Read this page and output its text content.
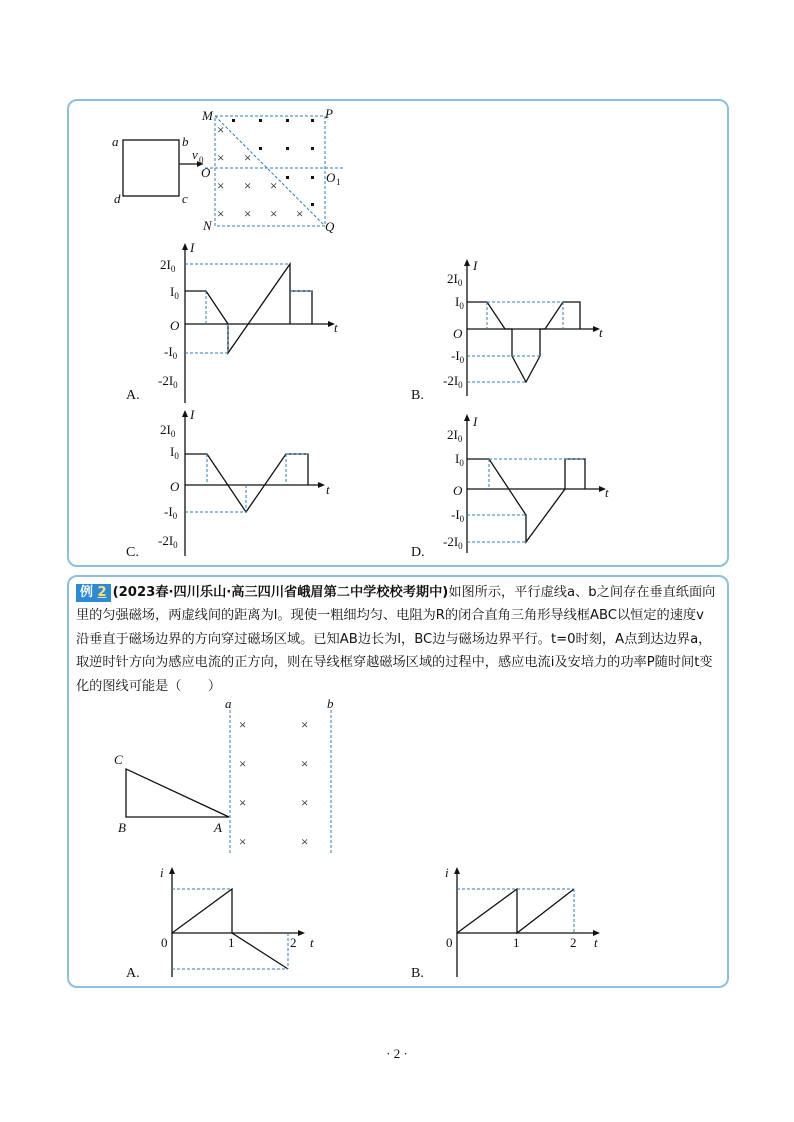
a	b
c
d
v 0
M	P
O	O 1
N	Q
×
× ×
× × ×
× × × ×
I
t
O
$2I_0$
$I_0$
$-I_0$
$-2I_0$
A.
I
t
O
$2I_0$
$I_0$
$-I_0$
$-2I_0$
B.
I
t
O
$2I_0$
$I_0$
$-I_0$
$-2I_0$
C.
I
t
O
$2I_0$
$I_0$
$-I_0$
$-2I_0$
D.
例 2 (2023春·四川乐山·高三四川省峨眉第二中学校校考期中)如图所示，平行虚线a、b之间存在垂直纸面向里的匀强磁场，两虚线间的距离为l。现使一粗细均匀、电阻为R的闭合直角三角形导线框ABC以恒定的速度v沿垂直于磁场边界的方向穿过磁场区域。已知AB边长为l，BC边与磁场边界平行。t=0时刻，A点到达边界a，取逆时针方向为感应电流的正方向，则在导线框穿越磁场区域的过程中，感应电流i及安培力的功率P随时间t变化的图线可能是（　　）
a	b
C
B	A
×	×
×	×
×	×
×	×
i
t
0	1	2
A.
i
t
0	1	2
B.
· 2 ·
